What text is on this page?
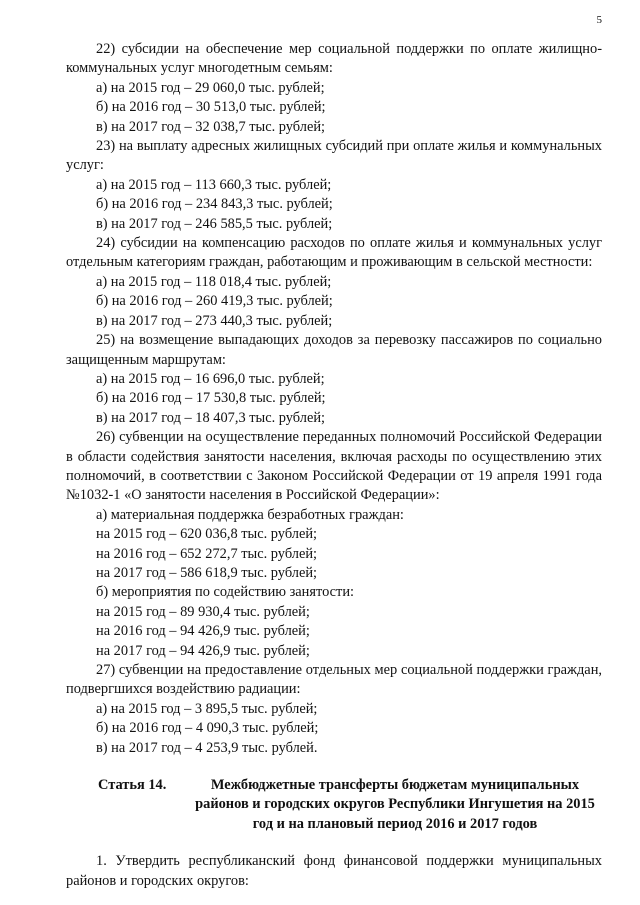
5

22) субсидии на обеспечение мер социальной поддержки по оплате жилищно-коммунальных услуг многодетным семьям:

а) на 2015 год – 29 060,0 тыс. рублей;

б) на 2016 год – 30 513,0 тыс. рублей;

в) на 2017 год – 32 038,7 тыс. рублей;

23) на выплату адресных жилищных субсидий при оплате жилья и коммунальных услуг:

а) на 2015 год – 113 660,3 тыс. рублей;

б) на 2016 год – 234 843,3 тыс. рублей;

в) на 2017 год – 246 585,5 тыс. рублей;

24) субсидии на компенсацию расходов по оплате жилья и коммунальных услуг отдельным категориям граждан, работающим и проживающим в сельской местности:

а) на 2015 год – 118 018,4 тыс. рублей;

б) на 2016 год – 260 419,3 тыс. рублей;

в) на 2017 год – 273 440,3 тыс. рублей;

25) на возмещение выпадающих доходов за перевозку пассажиров по социально защищенным маршрутам:

а) на 2015 год – 16 696,0 тыс. рублей;

б) на 2016 год – 17 530,8 тыс. рублей;

в) на 2017 год – 18 407,3 тыс. рублей;

26) субвенции на осуществление переданных полномочий Российской Федерации в области содействия занятости населения, включая расходы по осуществлению этих полномочий, в соответствии с Законом Российской Федерации от 19 апреля 1991 года №1032-1 «О занятости населения в Российской Федерации»:

а) материальная поддержка безработных граждан:

на 2015 год – 620 036,8 тыс. рублей;

на 2016 год – 652 272,7 тыс. рублей;

на 2017 год – 586 618,9 тыс. рублей;

б) мероприятия по содействию занятости:

на 2015 год – 89 930,4 тыс. рублей;

на 2016 год – 94 426,9 тыс. рублей;

на 2017 год – 94 426,9 тыс. рублей;

27) субвенции на предоставление отдельных мер социальной поддержки граждан, подвергшихся воздействию радиации:

а) на 2015 год – 3 895,5 тыс. рублей;

б) на 2016 год – 4 090,3 тыс. рублей;

в) на 2017 год – 4 253,9 тыс. рублей.

Статья 14.	Межбюджетные трансферты бюджетам муниципальных районов и городских округов Республики Ингушетия на 2015 год и на плановый период 2016 и 2017 годов

1. Утвердить республиканский фонд финансовой поддержки муниципальных районов и городских округов:
